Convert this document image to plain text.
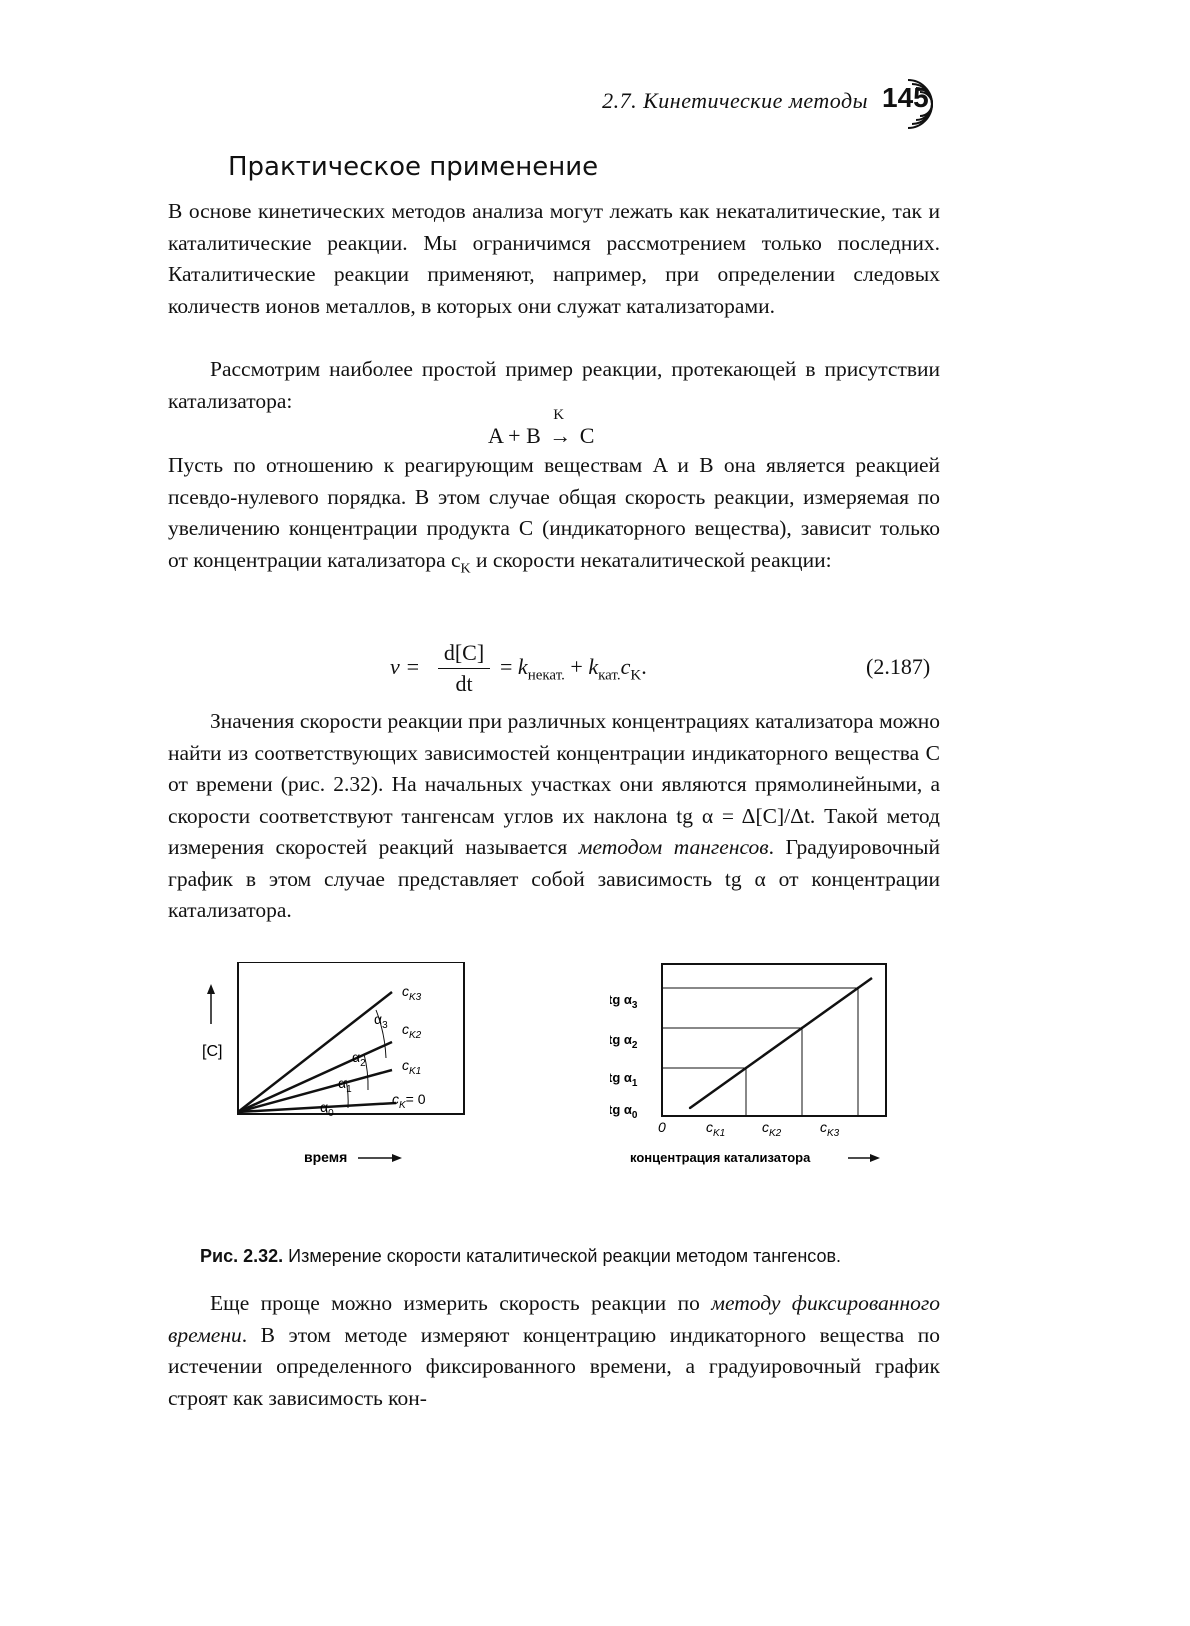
2.7. Кинетические методы 145
Практическое применение
В основе кинетических методов анализа могут лежать как некаталитические, так и каталитические реакции. Мы ограничимся рассмотрением только последних. Каталитические реакции применяют, например, при определении следовых количеств ионов металлов, в которых они служат катализаторами.
Рассмотрим наиболее простой пример реакции, протекающей в присутствии катализатора:
A + B
K
→ C
Пусть по отношению к реагирующим веществам A и B она является реакцией псевдо-нулевого порядка. В этом случае общая скорость реакции, измеряемая по увеличению концентрации продукта C (индикаторного вещества), зависит только от концентрации катализатора $c_K$ и скорости некаталитической реакции:
$\nu = \frac{d[C]}{dt} = k_{некат.} + k_{кат.}c_K$.	(2.187)
Значения скорости реакции при различных концентрациях катализатора можно найти из соответствующих зависимостей концентрации индикаторного вещества C от времени (рис. 2.32). На начальных участках они являются прямолинейными, а скорости соответствуют тангенсам углов их наклона tg α = Δ[C]/Δt. Такой метод измерения скоростей реакций называется методом тангенсов. Градуировочный график в этом случае представляет собой зависимость tg α от концентрации катализатора.
[C]
$c_{K3}$
$c_{K2}$
$c_{K1}$
$c_K= 0$
$\alpha_3$
$\alpha_2$
$\alpha_1$
$\alpha_0$
время
tg $\alpha_3$
tg $\alpha_2$
tg $\alpha_1$
tg $\alpha_0$
0	$c_{K1}$	$c_{K2}$	$c_{K3}$
концентрация катализатора
Рис. 2.32. Измерение скорости каталитической реакции методом тангенсов.
Еще проще можно измерить скорость реакции по методу фиксированного времени. В этом методе измеряют концентрацию индикаторного вещества по истечении определенного фиксированного времени, а градуировочный график строят как зависимость кон-
